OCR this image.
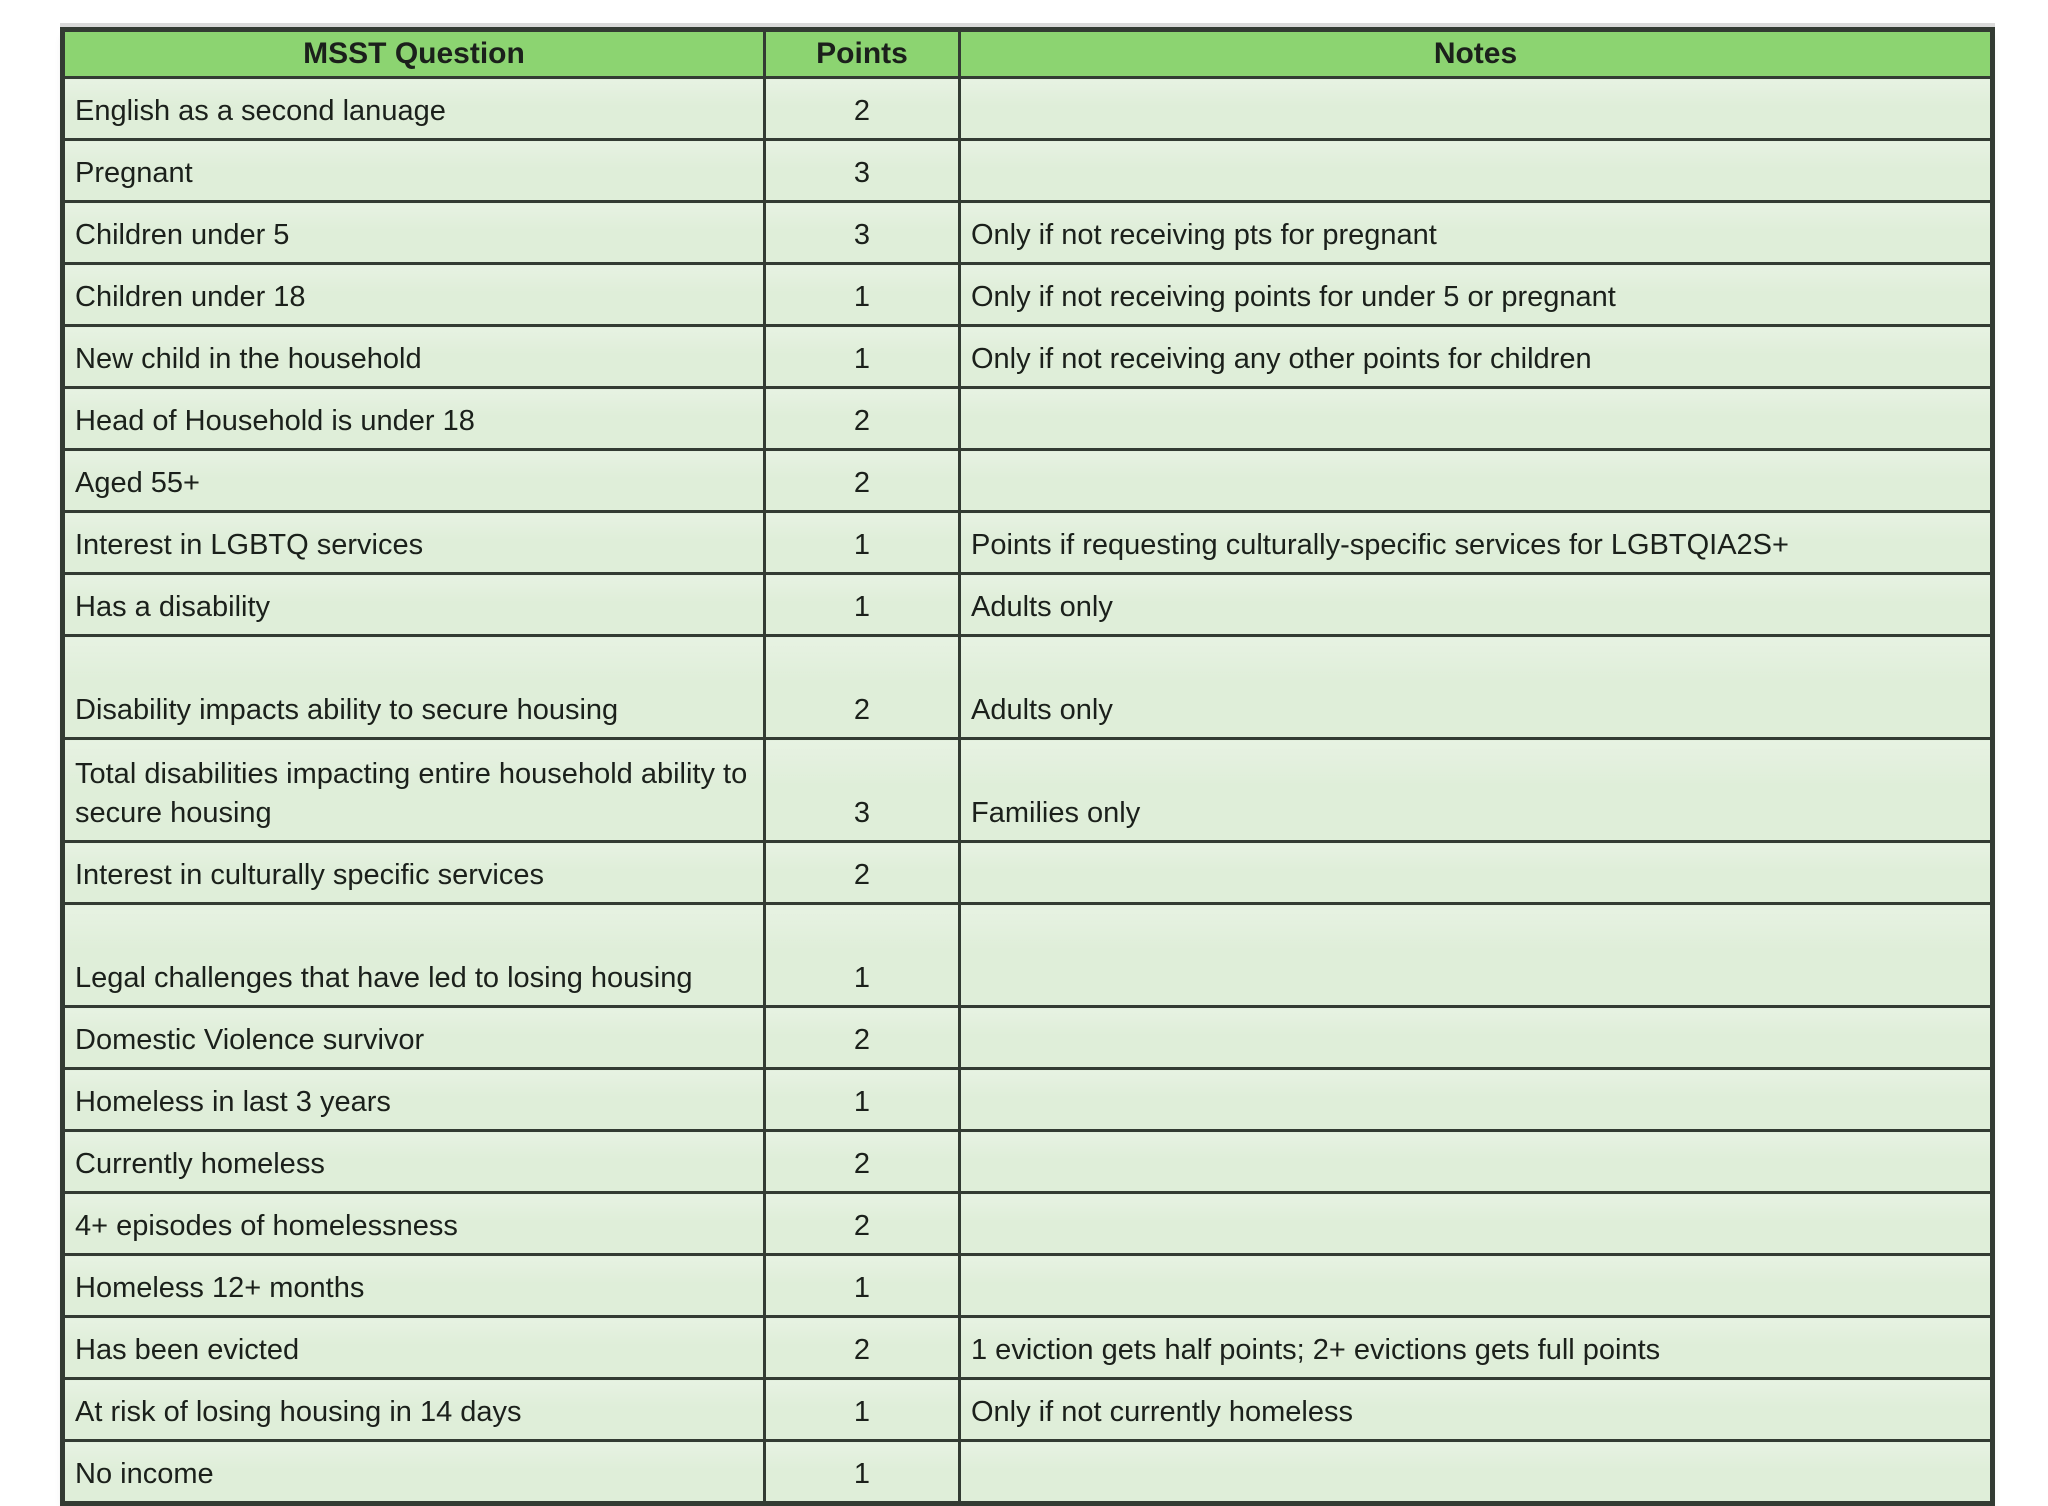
MSST Question	Points	Notes
English as a second lanuage	2	
Pregnant	3	
Children under 5	3	Only if not receiving pts for pregnant
Children under 18	1	Only if not receiving points for under 5 or pregnant
New child in the household	1	Only if not receiving any other points for children
Head of Household is under 18	2	
Aged 55+	2	
Interest in LGBTQ services	1	Points if requesting culturally-specific services for LGBTQIA2S+
Has a disability	1	Adults only
Disability impacts ability to secure housing	2	Adults only
Total disabilities impacting entire household ability to secure housing	3	Families only
Interest in culturally specific services	2	
Legal challenges that have led to losing housing	1	
Domestic Violence survivor	2	
Homeless in last 3 years	1	
Currently homeless	2	
4+ episodes of homelessness	2	
Homeless 12+ months	1	
Has been evicted	2	1 eviction gets half points; 2+ evictions gets full points
At risk of losing housing in 14 days	1	Only if not currently homeless
No income	1	
